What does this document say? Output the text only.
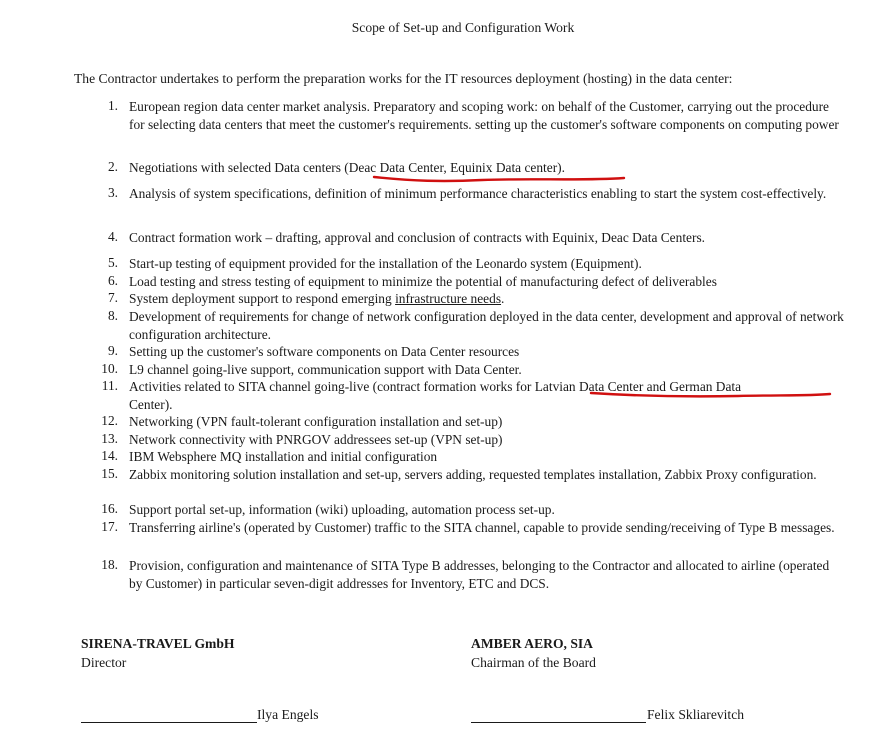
Scope of Set-up and Configuration Work
The Contractor undertakes to perform the preparation works for the IT resources deployment (hosting) in the data center:
1. European region data center market analysis. Preparatory and scoping work: on behalf of the Customer, carrying out the procedure for selecting data centers that meet the customer's requirements. setting up the customer's software components on computing power
2. Negotiations with selected Data centers (Deac Data Center, Equinix Data center).
3. Analysis of system specifications, definition of minimum performance characteristics enabling to start the system cost-effectively.
4. Contract formation work – drafting, approval and conclusion of contracts with Equinix, Deac Data Centers.
5. Start-up testing of equipment provided for the installation of the Leonardo system (Equipment).
6. Load testing and stress testing of equipment to minimize the potential of manufacturing defect of deliverables
7. System deployment support to respond emerging infrastructure needs.
8. Development of requirements for change of network configuration deployed in the data center, development and approval of network configuration architecture.
9. Setting up the customer's software components on Data Center resources
10. L9 channel going-live support, communication support with Data Center.
11. Activities related to SITA channel going-live (contract formation works for Latvian Data Center and German Data
Center).
12. Networking (VPN fault-tolerant configuration installation and set-up)
13. Network connectivity with PNRGOV addressees set-up (VPN set-up)
14. IBM Websphere MQ installation and initial configuration
15. Zabbix monitoring solution installation and set-up, servers adding, requested templates installation, Zabbix Proxy configuration.
16. Support portal set-up, information (wiki) uploading, automation process set-up.
17. Transferring airline's (operated by Customer) traffic to the SITA channel, capable to provide sending/receiving of Type B messages.
18. Provision, configuration and maintenance of SITA Type B addresses, belonging to the Contractor and allocated to airline (operated by Customer) in particular seven-digit addresses for Inventory, ETC and DCS.
SIRENA-TRAVEL GmbH
Director
Ilya Engels
AMBER AERO, SIA
Chairman of the Board
Felix Skliarevitch
